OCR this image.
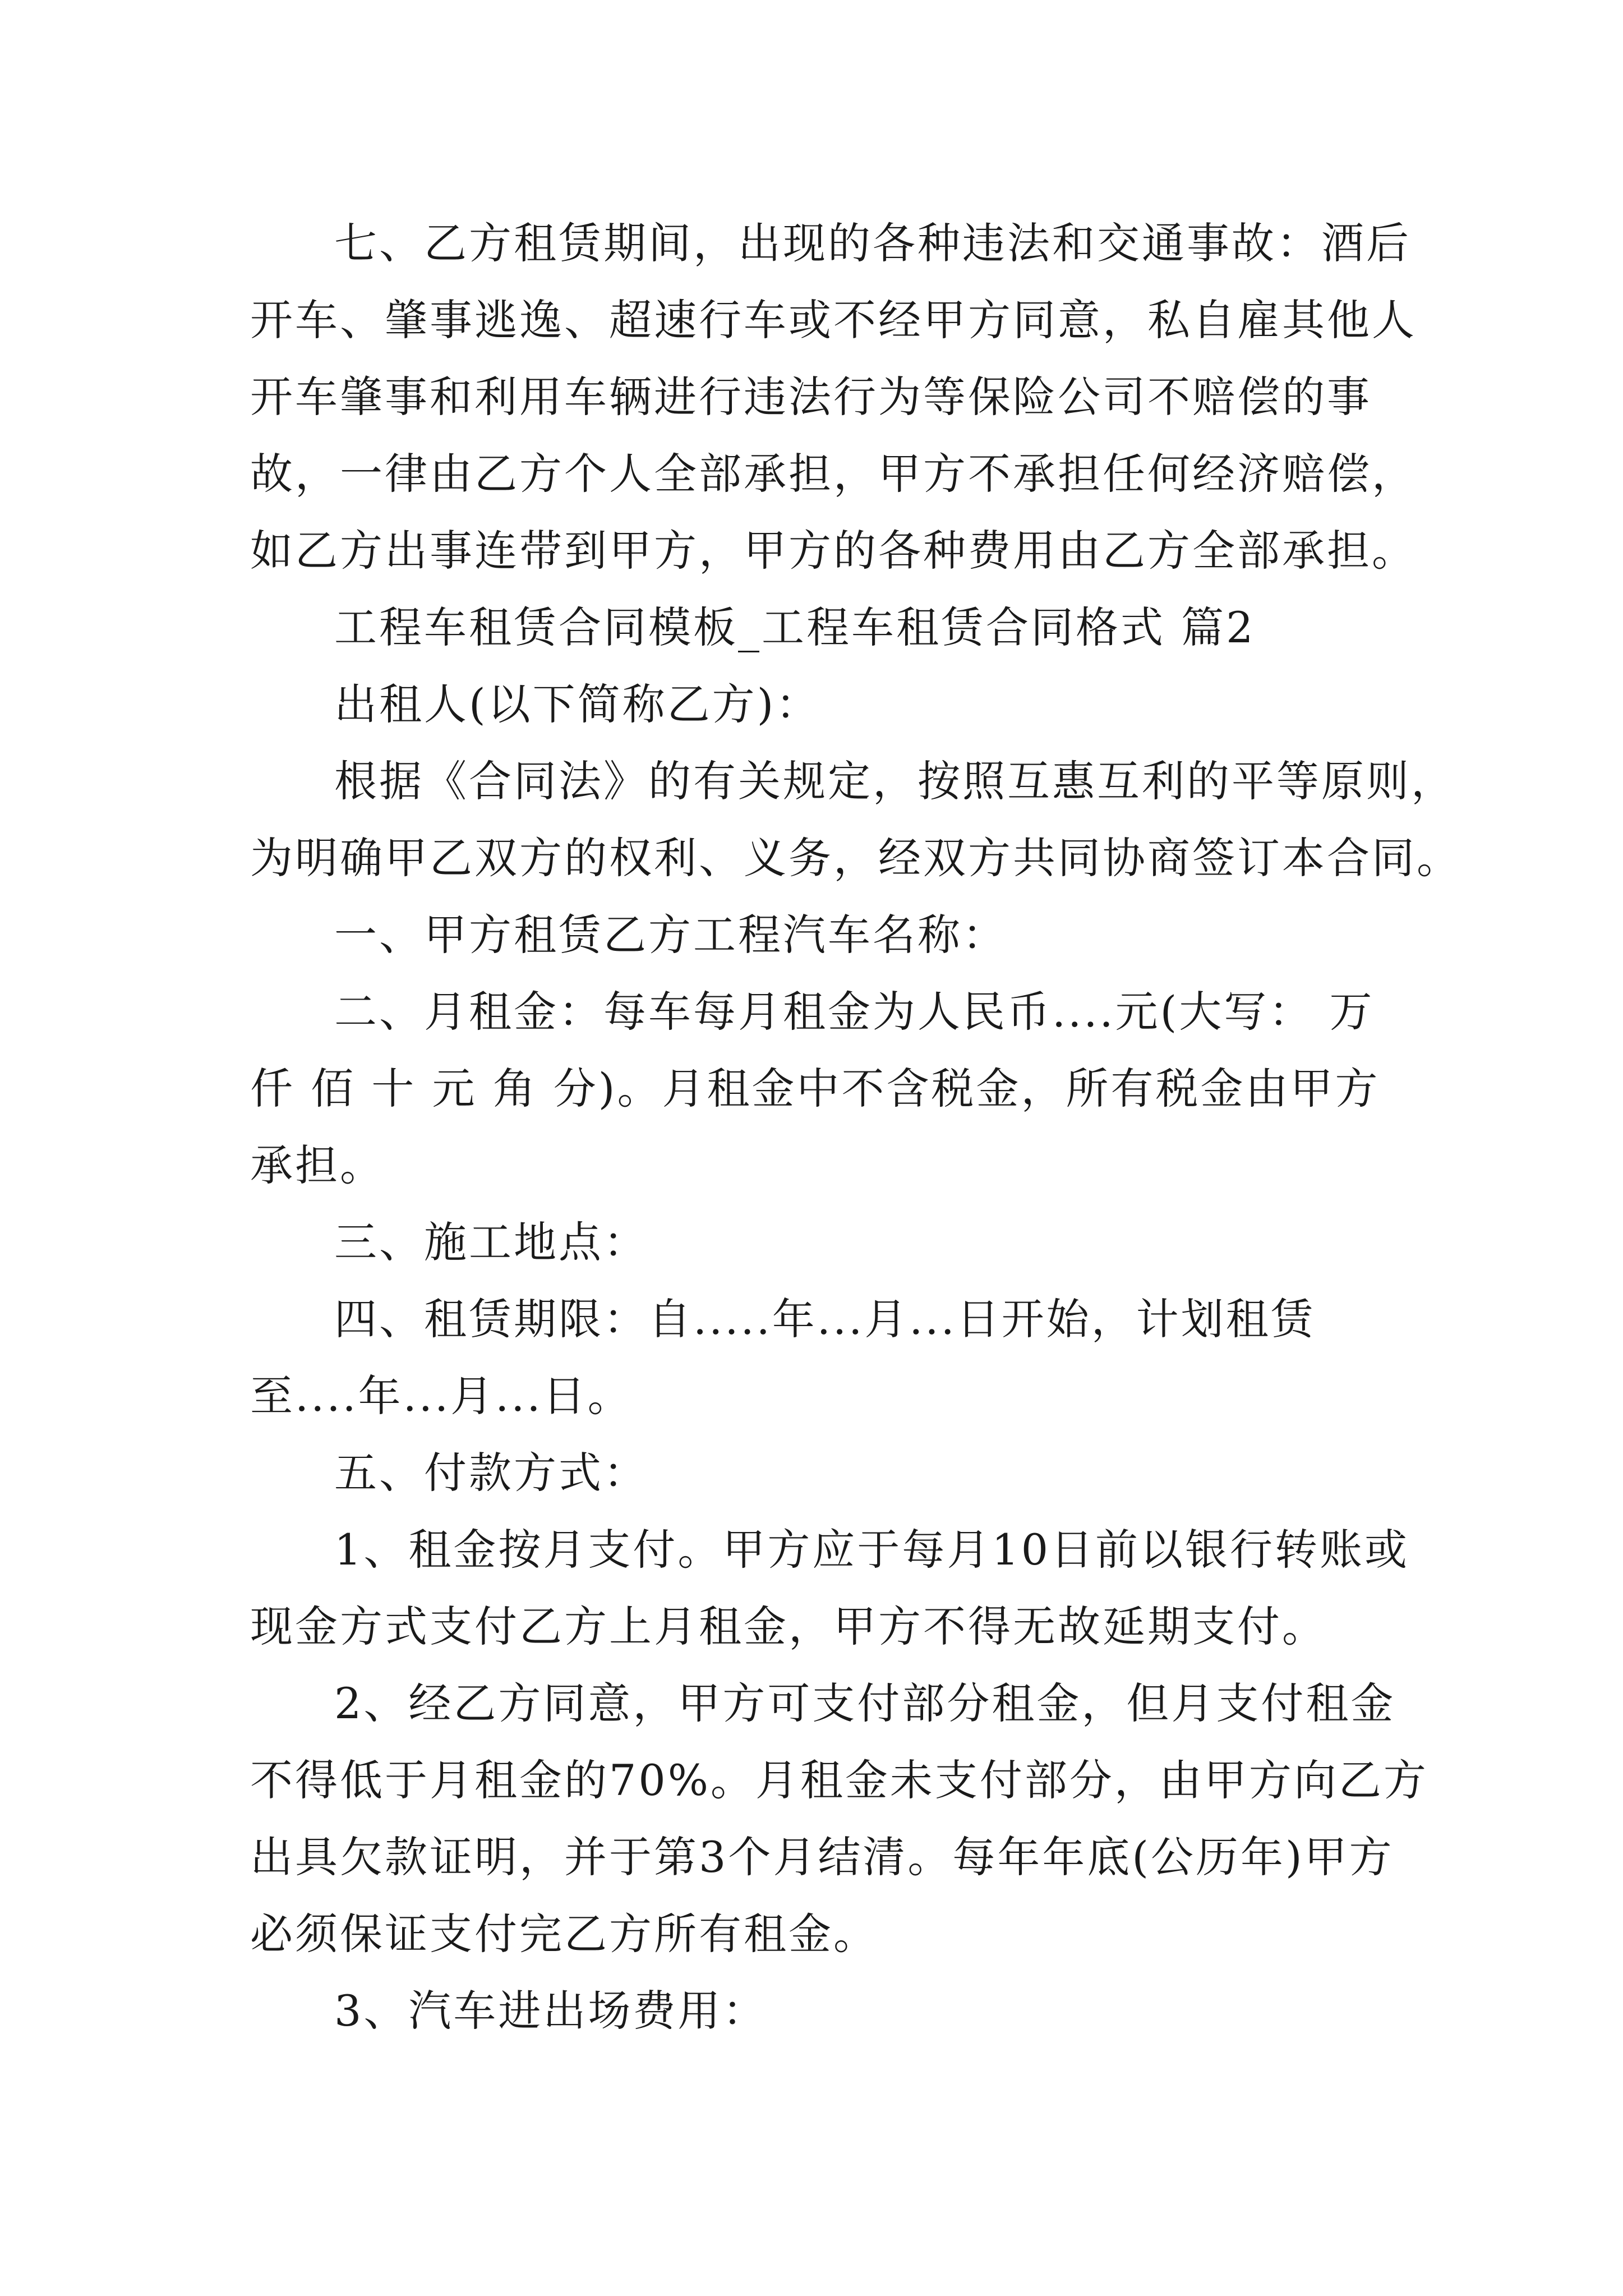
七、乙方租赁期间，出现的各种违法和交通事故：酒后
开车、肇事逃逸、超速行车或不经甲方同意，私自雇其他人
开车肇事和利用车辆进行违法行为等保险公司不赔偿的事
故，一律由乙方个人全部承担，甲方不承担任何经济赔偿，
如乙方出事连带到甲方，甲方的各种费用由乙方全部承担。
工程车租赁合同模板_工程车租赁合同格式 篇2
出租人(以下简称乙方)：
根据《合同法》的有关规定，按照互惠互利的平等原则，
为明确甲乙双方的权利、义务，经双方共同协商签订本合同。
一、甲方租赁乙方工程汽车名称：
二、月租金：每车每月租金为人民币....元(大写： 万
仟 佰 十 元 角 分)。月租金中不含税金，所有税金由甲方
承担。
三、施工地点：
四、租赁期限：自.....年...月...日开始，计划租赁
至....年...月...日。
五、付款方式：
1、租金按月支付。甲方应于每月10日前以银行转账或
现金方式支付乙方上月租金，甲方不得无故延期支付。
2、经乙方同意，甲方可支付部分租金，但月支付租金
不得低于月租金的70%。月租金未支付部分，由甲方向乙方
出具欠款证明，并于第3个月结清。每年年底(公历年)甲方
必须保证支付完乙方所有租金。
3、汽车进出场费用：
